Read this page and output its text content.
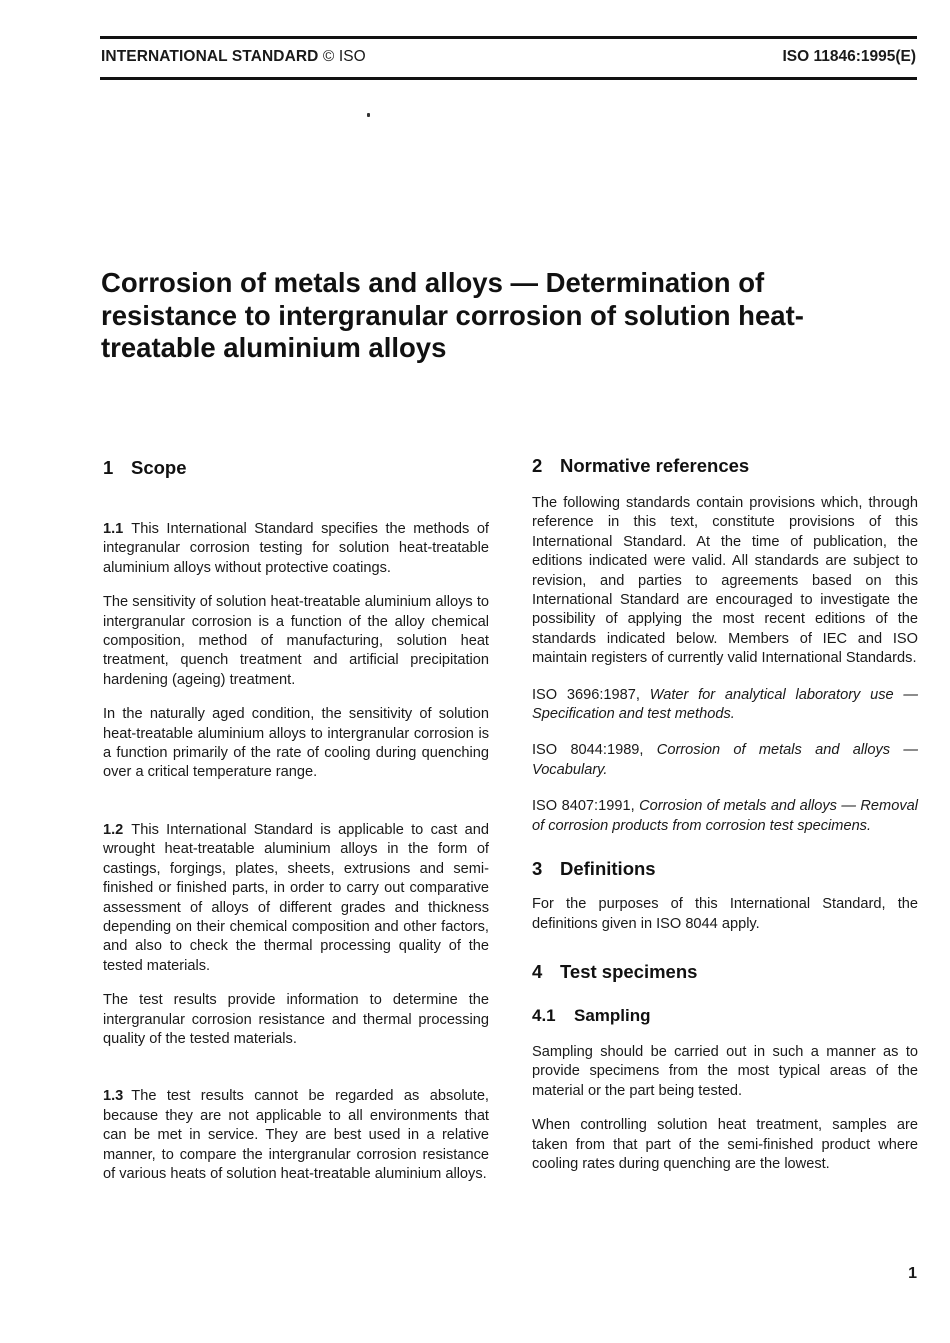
INTERNATIONAL STANDARD © ISO	ISO 11846:1995(E)
Corrosion of metals and alloys — Determination of resistance to intergranular corrosion of solution heat-treatable aluminium alloys
1 Scope

1.1 This International Standard specifies the methods of integranular corrosion testing for solution heat-treatable aluminium alloys without protective coatings.

The sensitivity of solution heat-treatable aluminium alloys to intergranular corrosion is a function of the alloy chemical composition, method of manufacturing, solution heat treatment, quench treatment and artificial precipitation hardening (ageing) treatment.

In the naturally aged condition, the sensitivity of solution heat-treatable aluminium alloys to intergranular corrosion is a function primarily of the rate of cooling during quenching over a critical temperature range.

1.2 This International Standard is applicable to cast and wrought heat-treatable aluminium alloys in the form of castings, forgings, plates, sheets, extrusions and semi-finished or finished parts, in order to carry out comparative assessment of alloys of different grades and thickness depending on their chemical composition and other factors, and also to check the thermal processing quality of the tested materials.

The test results provide information to determine the intergranular corrosion resistance and thermal processing quality of the tested materials.

1.3 The test results cannot be regarded as absolute, because they are not applicable to all environments that can be met in service. They are best used in a relative manner, to compare the intergranular corrosion resistance of various heats of solution heat-treatable aluminium alloys.

2 Normative references

The following standards contain provisions which, through reference in this text, constitute provisions of this International Standard. At the time of publication, the editions indicated were valid. All standards are subject to revision, and parties to agreements based on this International Standard are encouraged to investigate the possibility of applying the most recent editions of the standards indicated below. Members of IEC and ISO maintain registers of currently valid International Standards.

ISO 3696:1987, Water for analytical laboratory use — Specification and test methods.

ISO 8044:1989, Corrosion of metals and alloys — Vocabulary.

ISO 8407:1991, Corrosion of metals and alloys — Removal of corrosion products from corrosion test specimens.

3 Definitions

For the purposes of this International Standard, the definitions given in ISO 8044 apply.

4 Test specimens
4.1 Sampling

Sampling should be carried out in such a manner as to provide specimens from the most typical areas of the material or the part being tested.

When controlling solution heat treatment, samples are taken from that part of the semi-finished product where cooling rates during quenching are the lowest.

1
